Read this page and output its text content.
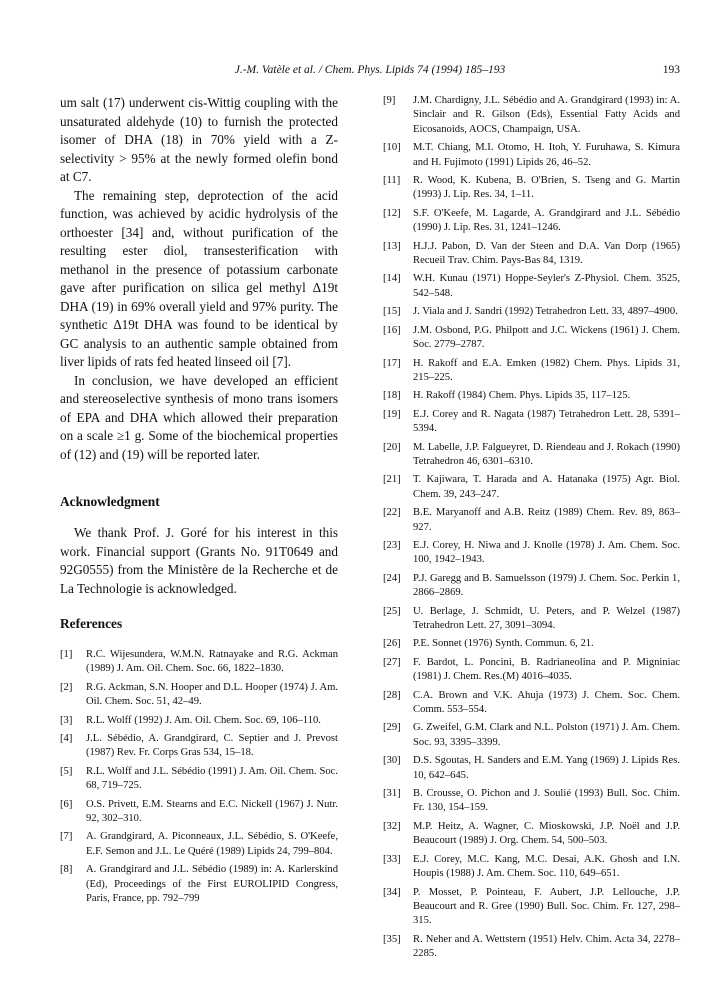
J.-M. Vatèle et al. / Chem. Phys. Lipids 74 (1994) 185–193	193

um salt (17) underwent cis-Wittig coupling with the unsaturated aldehyde (10) to furnish the protected isomer of DHA (18) in 70% yield with a Z-selectivity > 95% at the newly formed olefin bond at C7.

The remaining step, deprotection of the acid function, was achieved by acidic hydrolysis of the orthoester [34] and, without purification of the resulting ester diol, transesterification with methanol in the presence of potassium carbonate gave after purification on silica gel methyl Δ19t DHA (19) in 69% overall yield and 97% purity. The synthetic Δ19t DHA was found to be identical by GC analysis to an authentic sample obtained from liver lipids of rats fed heated linseed oil [7].

In conclusion, we have developed an efficient and stereoselective synthesis of mono trans isomers of EPA and DHA which allowed their preparation on a scale ≥1 g. Some of the biochemical properties of (12) and (19) will be reported later.

Acknowledgment

We thank Prof. J. Goré for his interest in this work. Financial support (Grants No. 91T0649 and 92G0555) from the Ministère de la Recherche et de La Technologie is acknowledged.

References
[1] R.C. Wijesundera, W.M.N. Ratnayake and R.G. Ackman (1989) J. Am. Oil. Chem. Soc. 66, 1822–1830.
[2] R.G. Ackman, S.N. Hooper and D.L. Hooper (1974) J. Am. Oil. Chem. Soc. 51, 42–49.
[3] R.L. Wolff (1992) J. Am. Oil. Chem. Soc. 69, 106–110.
[4] J.L. Sébédio, A. Grandgirard, C. Septier and J. Prevost (1987) Rev. Fr. Corps Gras 534, 15–18.
[5] R.L. Wolff and J.L. Sébédio (1991) J. Am. Oil. Chem. Soc. 68, 719–725.
[6] O.S. Privett, E.M. Stearns and E.C. Nickell (1967) J. Nutr. 92, 302–310.
[7] A. Grandgirard, A. Piconneaux, J.L. Sébédio, S. O'Keefe, E.F. Semon and J.L. Le Quéré (1989) Lipids 24, 799–804.
[8] A. Grandgirard and J.L. Sébédio (1989) in: A. Karlerskind (Ed), Proceedings of the First EUROLIPID Congress, Paris, France, pp. 792–799
[9] J.M. Chardigny, J.L. Sébédio and A. Grandgirard (1993) in: A. Sinclair and R. Gilson (Eds), Essential Fatty Acids and Eicosanoids, AOCS, Champaign, USA.
[10] M.T. Chiang, M.I. Otomo, H. Itoh, Y. Furuhawa, S. Kimura and H. Fujimoto (1991) Lipids 26, 46–52.
[11] R. Wood, K. Kubena, B. O'Brien, S. Tseng and G. Martin (1993) J. Lip. Res. 34, 1–11.
[12] S.F. O'Keefe, M. Lagarde, A. Grandgirard and J.L. Sébédio (1990) J. Lip. Res. 31, 1241–1246.
[13] H.J.J. Pabon, D. Van der Steen and D.A. Van Dorp (1965) Recueil Trav. Chim. Pays-Bas 84, 1319.
[14] W.H. Kunau (1971) Hoppe-Seyler's Z-Physiol. Chem. 3525, 542–548.
[15] J. Viala and J. Sandri (1992) Tetrahedron Lett. 33, 4897–4900.
[16] J.M. Osbond, P.G. Philpott and J.C. Wickens (1961) J. Chem. Soc. 2779–2787.
[17] H. Rakoff and E.A. Emken (1982) Chem. Phys. Lipids 31, 215–225.
[18] H. Rakoff (1984) Chem. Phys. Lipids 35, 117–125.
[19] E.J. Corey and R. Nagata (1987) Tetrahedron Lett. 28, 5391–5394.
[20] M. Labelle, J.P. Falgueyret, D. Riendeau and J. Rokach (1990) Tetrahedron 46, 6301–6310.
[21] T. Kajiwara, T. Harada and A. Hatanaka (1975) Agr. Biol. Chem. 39, 243–247.
[22] B.E. Maryanoff and A.B. Reitz (1989) Chem. Rev. 89, 863–927.
[23] E.J. Corey, H. Niwa and J. Knolle (1978) J. Am. Chem. Soc. 100, 1942–1943.
[24] P.J. Garegg and B. Samuelsson (1979) J. Chem. Soc. Perkin 1, 2866–2869.
[25] U. Berlage, J. Schmidt, U. Peters, and P. Welzel (1987) Tetrahedron Lett. 27, 3091–3094.
[26] P.E. Sonnet (1976) Synth. Commun. 6, 21.
[27] F. Bardot, L. Poncini, B. Radrianeolina and P. Migniniac (1981) J. Chem. Res.(M) 4016–4035.
[28] C.A. Brown and V.K. Ahuja (1973) J. Chem. Soc. Chem. Comm. 553–554.
[29] G. Zweifel, G.M. Clark and N.L. Polston (1971) J. Am. Chem. Soc. 93, 3395–3399.
[30] D.S. Sgoutas, H. Sanders and E.M. Yang (1969) J. Lipids Res. 10, 642–645.
[31] B. Crousse, O. Pichon and J. Soulié (1993) Bull. Soc. Chim. Fr. 130, 154–159.
[32] M.P. Heitz, A. Wagner, C. Mioskowski, J.P. Noël and J.P. Beaucourt (1989) J. Org. Chem. 54, 500–503.
[33] E.J. Corey, M.C. Kang, M.C. Desai, A.K. Ghosh and I.N. Houpis (1988) J. Am. Chem. Soc. 110, 649–651.
[34] P. Mosset, P. Pointeau, F. Aubert, J.P. Lellouche, J.P. Beaucourt and R. Gree (1990) Bull. Soc. Chim. Fr. 127, 298–315.
[35] R. Neher and A. Wettstern (1951) Helv. Chim. Acta 34, 2278–2285.
